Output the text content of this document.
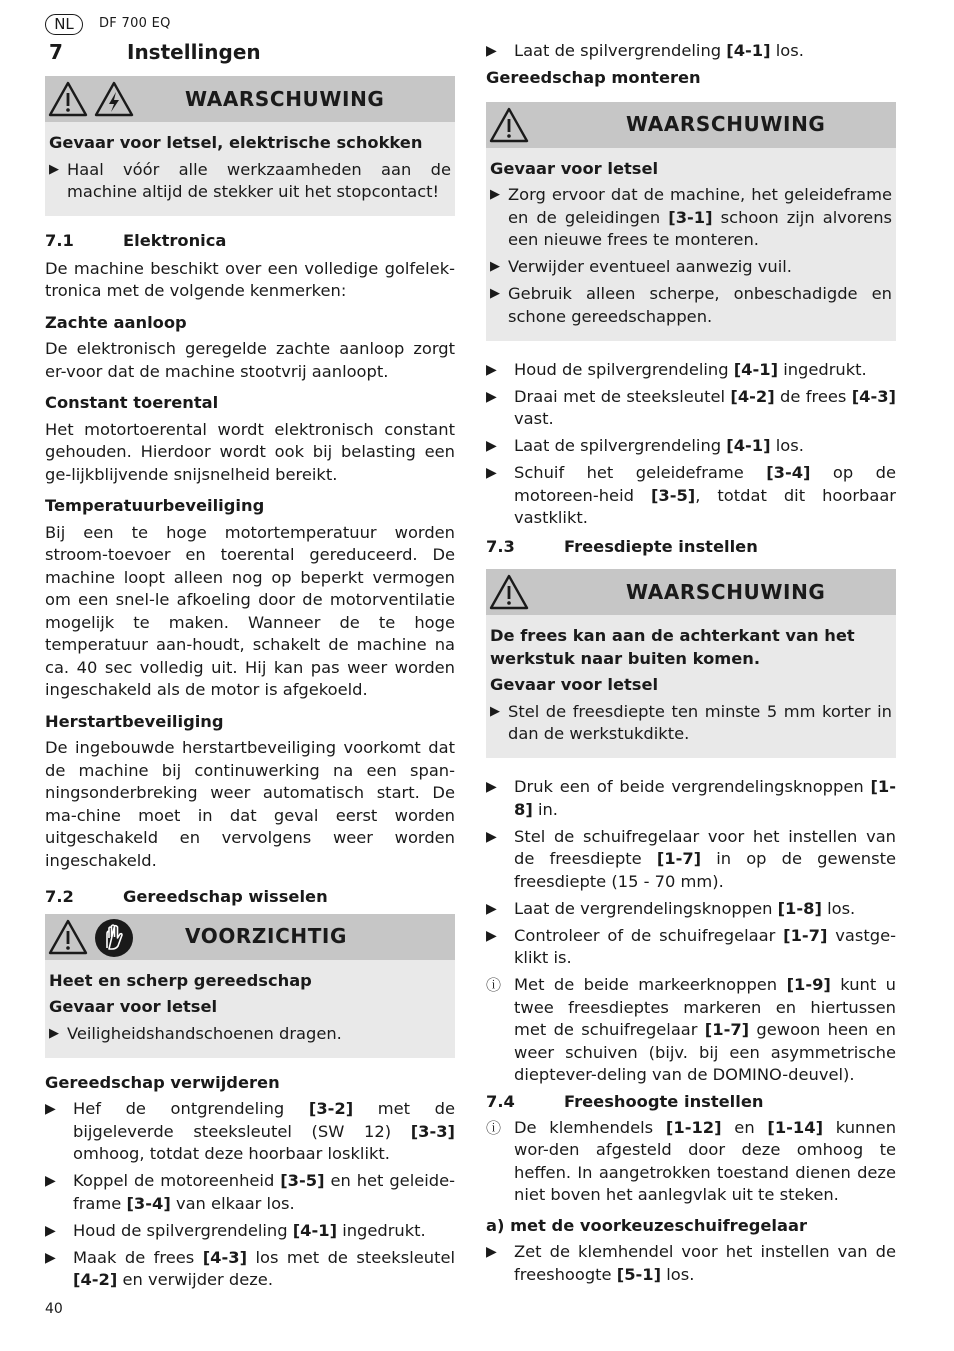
NL	DF 700 EQ
7	Instellingen
WAARSCHUWING
Gevaar voor letsel, elektrische schokken
▶ Haal vóór alle werkzaamheden aan de machine altijd de stekker uit het stopcontact!
7.1	Elektronica

De machine beschikt over een volledige golfelek-tronica met de volgende kenmerken:

Zachte aanloop

De elektronisch geregelde zachte aanloop zorgt er-voor dat de machine stootvrij aanloopt.

Constant toerental

Het motortoerental wordt elektronisch constant gehouden. Hierdoor wordt ook bij belasting een ge-lijkblijvende snijsnelheid bereikt.

Temperatuurbeveiliging

Bij een te hoge motortemperatuur worden stroom-toevoer en toerental gereduceerd. De machine loopt alleen nog op beperkt vermogen om een snel-le afkoeling door de motorventilatie mogelijk te maken. Wanneer de te hoge temperatuur aan-houdt, schakelt de machine na ca. 40 sec volledig uit. Hij kan pas weer worden ingeschakeld als de motor is afgekoeld.

Herstartbeveiliging

De ingebouwde herstartbeveiliging voorkomt dat de machine bij continuwerking na een span-ningsonderbreking weer automatisch start. De ma-chine moet in dat geval eerst worden uitgeschakeld en vervolgens weer worden ingeschakeld.

7.2	Gereedschap wisselen
VOORZICHTIG
Heet en scherp gereedschap
Gevaar voor letsel
▶ Veiligheidshandschoenen dragen.
Gereedschap verwijderen
▶	Hef de ontgrendeling [3-2] met de bijgeleverde steeksleutel (SW 12) [3-3] omhoog, totdat deze hoorbaar losklikt.
▶	Koppel de motoreenheid [3-5] en het geleide-frame [3-4] van elkaar los.
▶	Houd de spilvergrendeling [4-1] ingedrukt.
▶	Maak de frees [4-3] los met de steeksleutel [4-2] en verwijder deze.
▶	Laat de spilvergrendeling [4-1] los.
Gereedschap monteren
WAARSCHUWING
Gevaar voor letsel
▶ Zorg ervoor dat de machine, het geleideframe en de geleidingen [3-1] schoon zijn alvorens een nieuwe frees te monteren.
▶ Verwijder eventueel aanwezig vuil.
▶ Gebruik alleen scherpe, onbeschadigde en schone gereedschappen.
▶	Houd de spilvergrendeling [4-1] ingedrukt.
▶	Draai met de steeksleutel [4-2] de frees [4-3] vast.
▶	Laat de spilvergrendeling [4-1] los.
▶	Schuif het geleideframe [3-4] op de motoreen-heid [3-5], totdat dit hoorbaar vastklikt.
7.3	Freesdiepte instellen
WAARSCHUWING
De frees kan aan de achterkant van het werkstuk naar buiten komen.
Gevaar voor letsel
▶ Stel de freesdiepte ten minste 5 mm korter in dan de werkstukdikte.
▶	Druk een of beide vergrendelingsknoppen [1-8] in.
▶	Stel de schuifregelaar voor het instellen van de freesdiepte [1-7] in op de gewenste freesdiepte (15 - 70 mm).
▶	Laat de vergrendelingsknoppen [1-8] los.
▶	Controleer of de schuifregelaar [1-7] vastge-klikt is.
ⓘ Met de beide markeerknoppen [1-9] kunt u twee freesdieptes markeren en hiertussen met de schuifregelaar [1-7] gewoon heen en weer schuiven (bijv. bij een asymmetrische dieptever-deling van de DOMINO-deuvel).
7.4	Freeshoogte instellen
ⓘ De klemhendels [1-12] en [1-14] kunnen wor-den afgesteld door deze omhoog te heffen. In aangetrokken toestand dienen deze niet boven het aanlegvlak uit te steken.
a) met de voorkeuzeschuifregelaar
▶	Zet de klemhendel voor het instellen van de freeshoogte [5-1] los.
40
